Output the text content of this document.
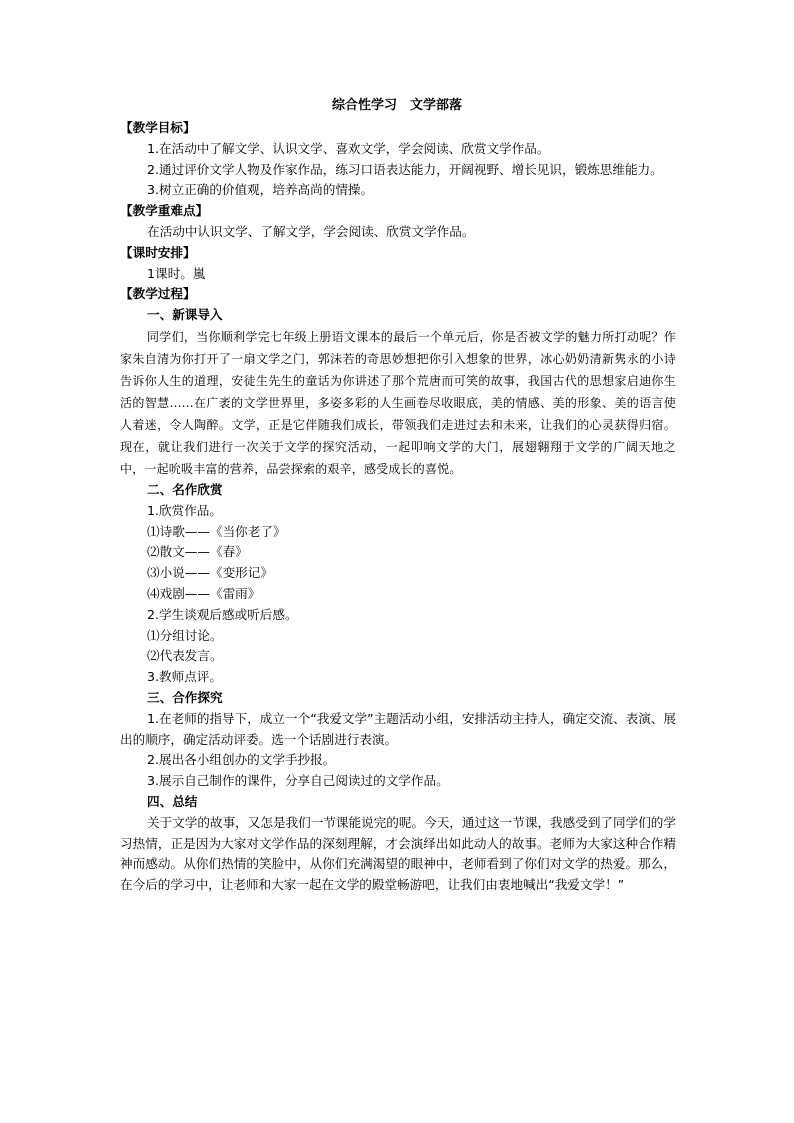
综合性学习　文学部落

【教学目标】

1.在活动中了解文学、认识文学、喜欢文学，学会阅读、欣赏文学作品。

2.通过评价文学人物及作家作品，练习口语表达能力，开阔视野、增长见识，锻炼思维能力。

3.树立正确的价值观，培养高尚的情操。

【教学重难点】

在活动中认识文学、了解文学，学会阅读、欣赏文学作品。

【课时安排】

1课时。嵐

【教学过程】

一、新课导入

同学们，当你顺利学完七年级上册语文课本的最后一个单元后，你是否被文学的魅力所打动呢？作家朱自清为你打开了一扇文学之门，郭沫若的奇思妙想把你引入想象的世界，冰心奶奶清新隽永的小诗告诉你人生的道理，安徒生先生的童话为你讲述了那个荒唐而可笑的故事，我国古代的思想家启迪你生活的智慧……在广袤的文学世界里，多姿多彩的人生画卷尽收眼底，美的情感、美的形象、美的语言使人着迷，令人陶醉。文学，正是它伴随我们成长，带领我们走进过去和未来，让我们的心灵获得归宿。现在，就让我们进行一次关于文学的探究活动，一起叩响文学的大门，展翅翱翔于文学的广阔天地之中，一起吮吸丰富的营养，品尝探索的艰辛，感受成长的喜悦。

二、名作欣赏

1.欣赏作品。

⑴诗歌——《当你老了》

⑵散文——《春》

⑶小说——《变形记》

⑷戏剧——《雷雨》

2.学生谈观后感或听后感。

⑴分组讨论。

⑵代表发言。

3.教师点评。

三、合作探究

1.在老师的指导下，成立一个“我爱文学”主题活动小组，安排活动主持人，确定交流、表演、展出的顺序，确定活动评委。选一个话剧进行表演。

2.展出各小组创办的文学手抄报。

3.展示自己制作的课件，分享自己阅读过的文学作品。

四、总结

关于文学的故事，又怎是我们一节课能说完的呢。今天，通过这一节课，我感受到了同学们的学习热情，正是因为大家对文学作品的深刻理解，才会演绎出如此动人的故事。老师为大家这种合作精神而感动。从你们热情的笑脸中，从你们充满渴望的眼神中，老师看到了你们对文学的热爱。那么，在今后的学习中，让老师和大家一起在文学的殿堂畅游吧，让我们由衷地喊出“我爱文学！”
